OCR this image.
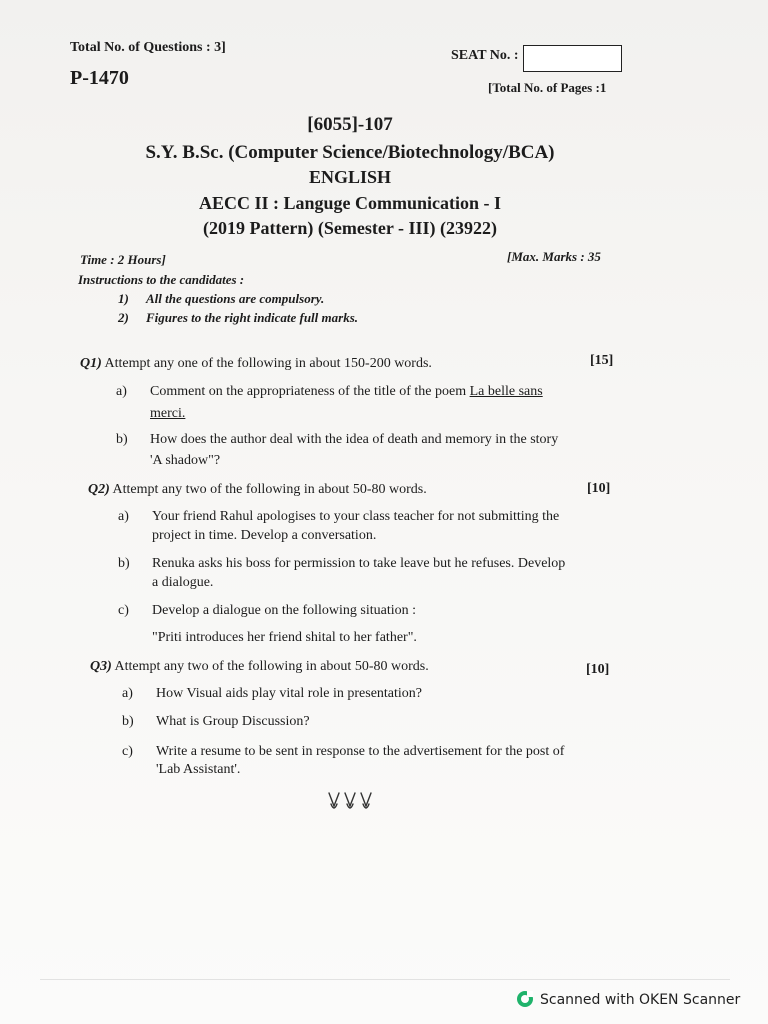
Total No. of Questions : 3]
P-1470
SEAT No. :
[Total No. of Pages :1
[6055]-107
S.Y. B.Sc. (Computer Science/Biotechnology/BCA)
ENGLISH
AECC II : Languge Communication - I
(2019 Pattern) (Semester - III) (23922)
Time : 2 Hours]	[Max. Marks : 35
Instructions to the candidates :
1) All the questions are compulsory.
2) Figures to the right indicate full marks.
Q1) Attempt any one of the following in about 150-200 words.	[15]
a) Comment on the appropriateness of the title of the poem La belle sans
merci.
b) How does the author deal with the idea of death and memory in the story
'A shadow"?
Q2) Attempt any two of the following in about 50-80 words.	[10]
a) Your friend Rahul apologises to your class teacher for not submitting the
project in time. Develop a conversation.
b) Renuka asks his boss for permission to take leave but he refuses. Develop
a dialogue.
c) Develop a dialogue on the following situation :
"Priti introduces her friend shital to her father".
Q3) Attempt any two of the following in about 50-80 words.	[10]
a) How Visual aids play vital role in presentation?
b) What is Group Discussion?
c) Write a resume to be sent in response to the advertisement for the post of
'Lab Assistant'.
Scanned with OKEN Scanner
